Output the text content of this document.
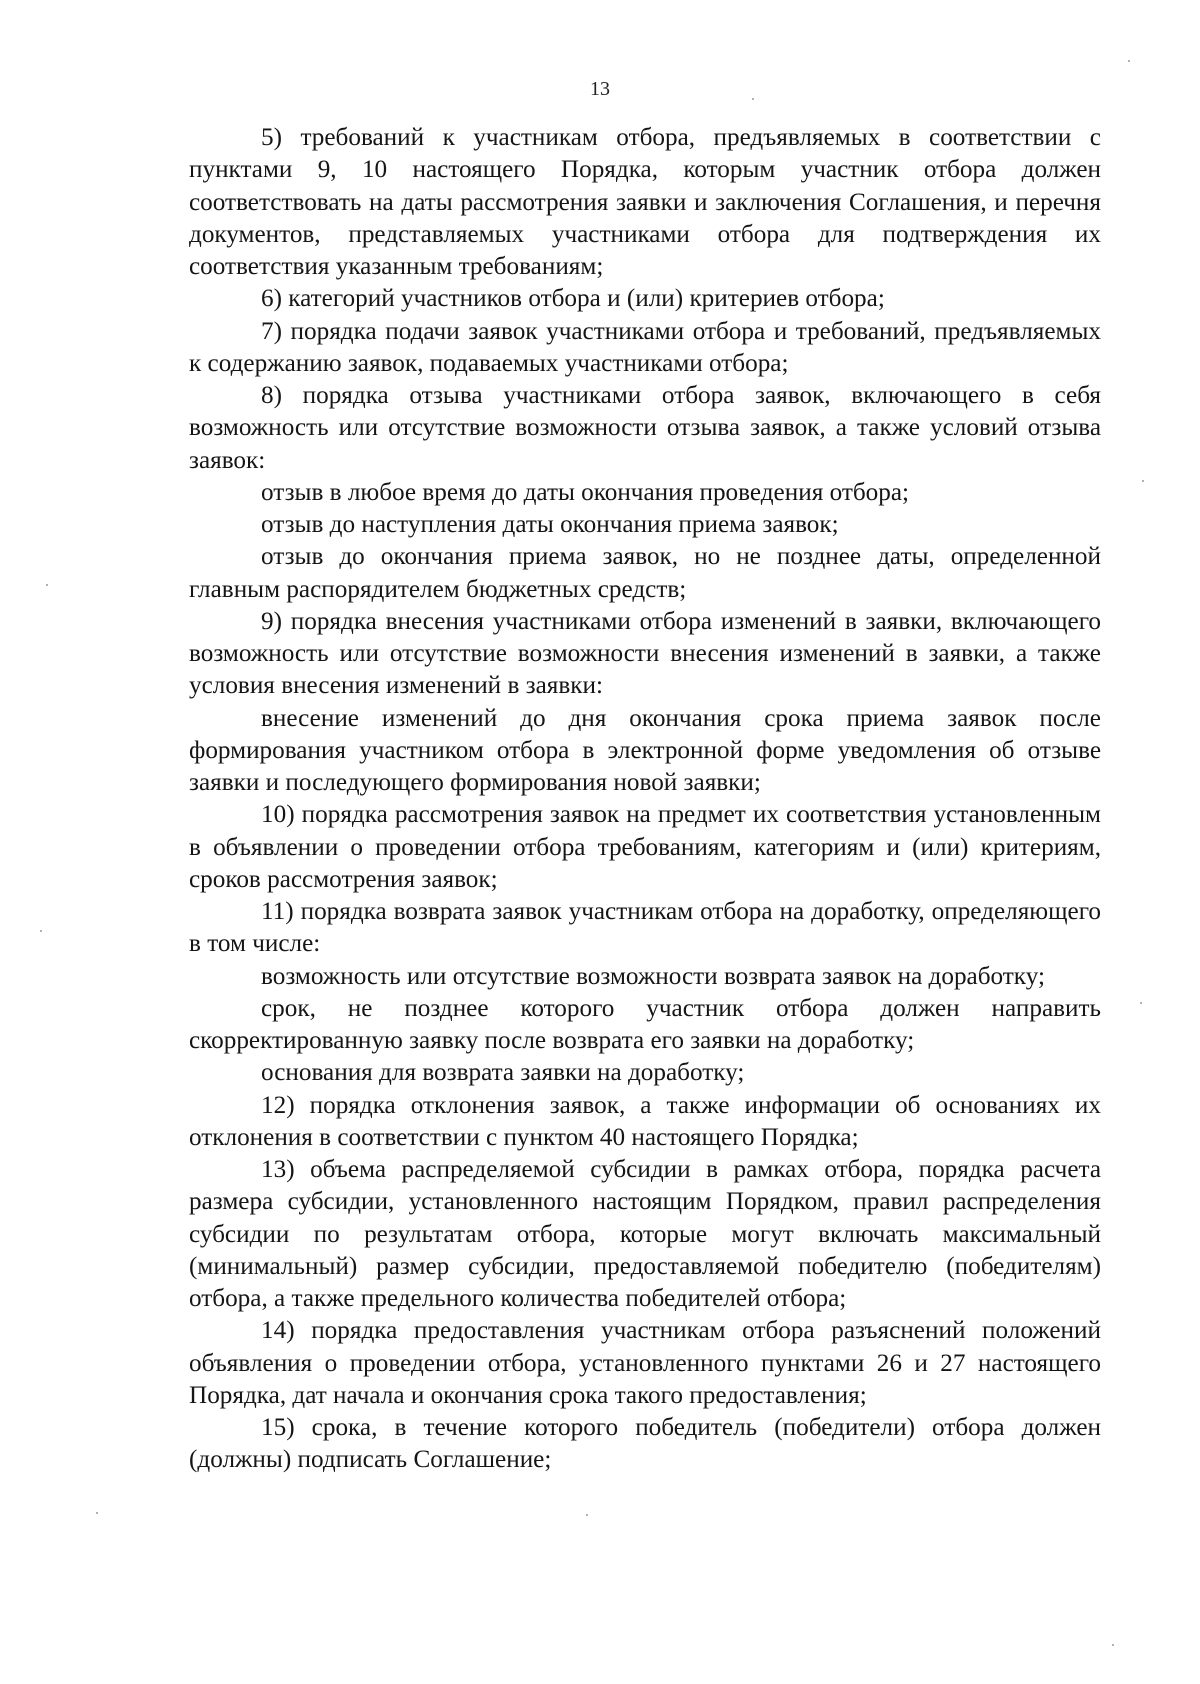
13

5) требований к участникам отбора, предъявляемых в соответствии с пунктами 9, 10 настоящего Порядка, которым участник отбора должен соответствовать на даты рассмотрения заявки и заключения Соглашения, и перечня документов, представляемых участниками отбора для подтверждения их соответствия указанным требованиям;

6) категорий участников отбора и (или) критериев отбора;

7) порядка подачи заявок участниками отбора и требований, предъявляемых к содержанию заявок, подаваемых участниками отбора;

8) порядка отзыва участниками отбора заявок, включающего в себя возможность или отсутствие возможности отзыва заявок, а также условий отзыва заявок:

отзыв в любое время до даты окончания проведения отбора;

отзыв до наступления даты окончания приема заявок;

отзыв до окончания приема заявок, но не позднее даты, определенной главным распорядителем бюджетных средств;

9) порядка внесения участниками отбора изменений в заявки, включающего возможность или отсутствие возможности внесения изменений в заявки, а также условия внесения изменений в заявки:

внесение изменений до дня окончания срока приема заявок после формирования участником отбора в электронной форме уведомления об отзыве заявки и последующего формирования новой заявки;

10) порядка рассмотрения заявок на предмет их соответствия установленным в объявлении о проведении отбора требованиям, категориям и (или) критериям, сроков рассмотрения заявок;

11) порядка возврата заявок участникам отбора на доработку, определяющего в том числе:

возможность или отсутствие возможности возврата заявок на доработку;

срок, не позднее которого участник отбора должен направить скорректированную заявку после возврата его заявки на доработку;

основания для возврата заявки на доработку;

12) порядка отклонения заявок, а также информации об основаниях их отклонения в соответствии с пунктом 40 настоящего Порядка;

13) объема распределяемой субсидии в рамках отбора, порядка расчета размера субсидии, установленного настоящим Порядком, правил распределения субсидии по результатам отбора, которые могут включать максимальный (минимальный) размер субсидии, предоставляемой победителю (победителям) отбора, а также предельного количества победителей отбора;

14) порядка предоставления участникам отбора разъяснений положений объявления о проведении отбора, установленного пунктами 26 и 27 настоящего Порядка, дат начала и окончания срока такого предоставления;

15) срока, в течение которого победитель (победители) отбора должен (должны) подписать Соглашение;
